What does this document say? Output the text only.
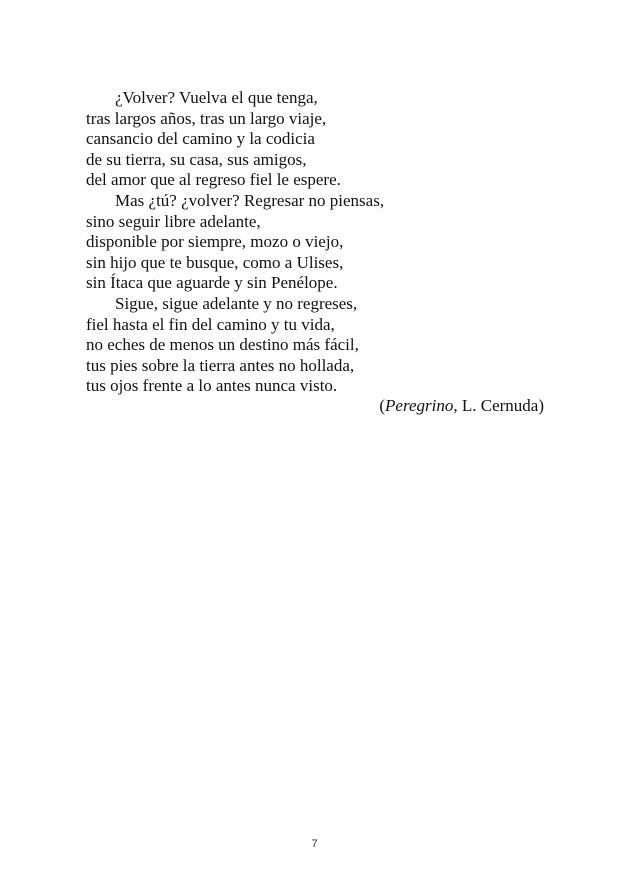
¿Volver? Vuelva el que tenga,
tras largos años, tras un largo viaje,
cansancio del camino y la codicia
de su tierra, su casa, sus amigos,
del amor que al regreso fiel le espere.
Mas ¿tú? ¿volver? Regresar no piensas,
sino seguir libre adelante,
disponible por siempre, mozo o viejo,
sin hijo que te busque, como a Ulises,
sin Ítaca que aguarde y sin Penélope.
Sigue, sigue adelante y no regreses,
fiel hasta el fin del camino y tu vida,
no eches de menos un destino más fácil,
tus pies sobre la tierra antes no hollada,
tus ojos frente a lo antes nunca visto.
(Peregrino, L. Cernuda)
7
